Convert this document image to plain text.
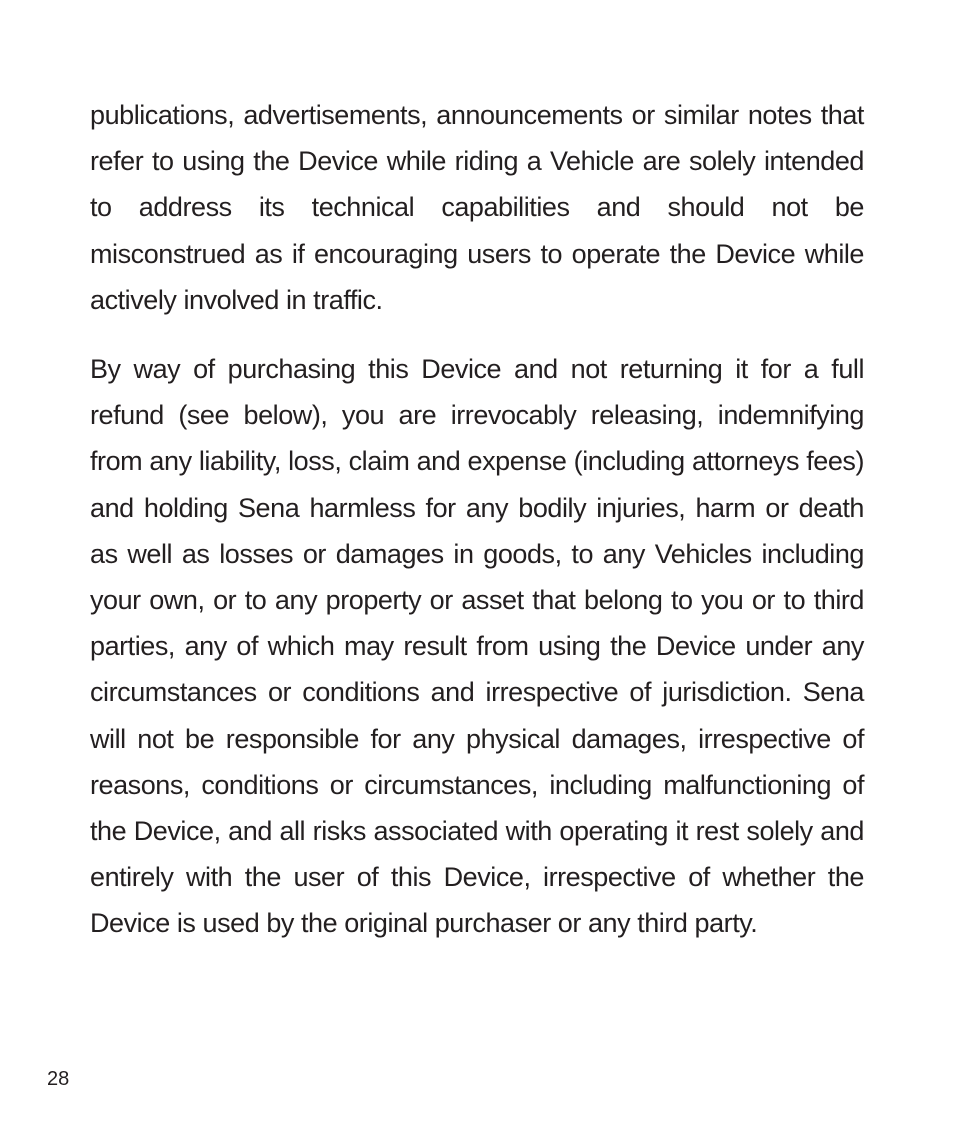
publications, advertisements, announcements or similar notes that refer to using the Device while riding a Vehicle are solely intended to address its technical capabilities and should not be misconstrued as if encouraging users to operate the Device while actively involved in traffic.

By way of purchasing this Device and not returning it for a full refund (see below), you are irrevocably releasing, indemnifying from any liability, loss, claim and expense (including attorneys fees) and holding Sena harmless for any bodily injuries, harm or death as well as losses or damages in goods, to any Vehicles including your own, or to any property or asset that belong to you or to third parties, any of which may result from using the Device under any circumstances or conditions and irrespective of jurisdiction. Sena will not be responsible for any physical damages, irrespective of reasons, conditions or circumstances, including malfunctioning of the Device, and all risks associated with operating it rest solely and entirely with the user of this Device, irrespective of whether the Device is used by the original purchaser or any third party.

28
